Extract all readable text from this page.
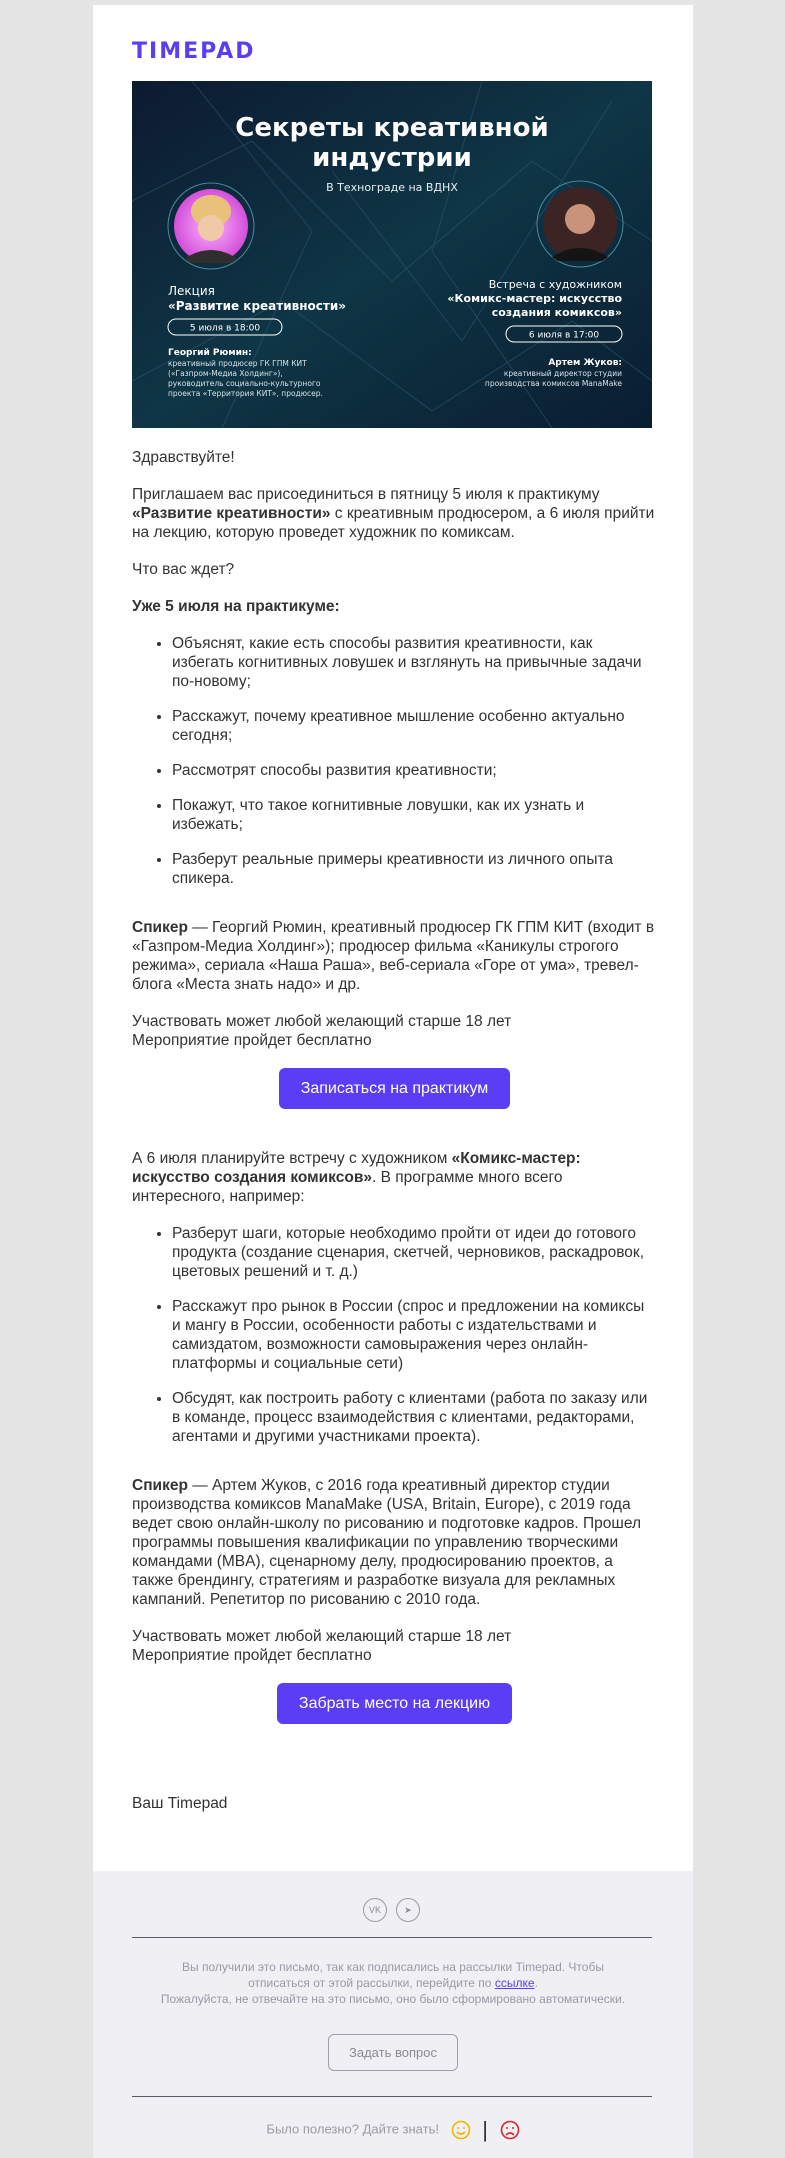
TIMEPAD
Секреты креативной
индустрии
В Технограде на ВДНХ
Лекция
«Развитие креативности»
5 июля в 18:00
Георгий Рюмин:
креативный продюсер ГК ГПМ КИТ
(«Газпром-Медиа Холдинг»),
руководитель социально-культурного
проекта «Территория КИТ», продюсер.
Встреча с художником
«Комикс-мастер: искусство
создания комиксов»
6 июля в 17:00
Артем Жуков:
креативный директор студии
производства комиксов ManaMake

Здравствуйте!

Приглашаем вас присоединиться в пятницу 5 июля к практикуму «Развитие креативности» с креативным продюсером, а 6 июля прийти на лекцию, которую проведет художник по комиксам.

Что вас ждет?

Уже 5 июля на практикуме:

• Объяснят, какие есть способы развития креативности, как избегать когнитивных ловушек и взглянуть на привычные задачи по-новому;
• Расскажут, почему креативное мышление особенно актуально сегодня;
• Рассмотрят способы развития креативности;
• Покажут, что такое когнитивные ловушки, как их узнать и избежать;
• Разберут реальные примеры креативности из личного опыта спикера.

Спикер — Георгий Рюмин, креативный продюсер ГК ГПМ КИТ (входит в «Газпром-Медиа Холдинг»); продюсер фильма «Каникулы строгого режима», сериала «Наша Раша», веб-сериала «Горе от ума», тревел-блога «Места знать надо» и др.

Участвовать может любой желающий старше 18 лет
Мероприятие пройдет бесплатно

Записаться на практикум

А 6 июля планируйте встречу с художником «Комикс-мастер: искусство создания комиксов». В программе много всего интересного, например:

• Разберут шаги, которые необходимо пройти от идеи до готового продукта (создание сценария, скетчей, черновиков, раскадровок, цветовых решений и т. д.)
• Расскажут про рынок в России (спрос и предложении на комиксы и мангу в России, особенности работы с издательствами и самиздатом, возможности самовыражения через онлайн-платформы и социальные сети)
• Обсудят, как построить работу с клиентами (работа по заказу или в команде, процесс взаимодействия с клиентами, редакторами, агентами и другими участниками проекта).

Спикер — Артем Жуков, с 2016 года креативный директор студии производства комиксов ManaMake (USA, Britain, Europe), с 2019 года ведет свою онлайн-школу по рисованию и подготовке кадров. Прошел программы повышения квалификации по управлению творческими командами (MBA), сценарному делу, продюсированию проектов, а также брендингу, стратегиям и разработке визуала для рекламных кампаний. Репетитор по рисованию с 2010 года.

Участвовать может любой желающий старше 18 лет
Мероприятие пройдет бесплатно

Забрать место на лекцию

Ваш Timepad

VK	➤
Вы получили это письмо, так как подписались на рассылки Timepad. Чтобы отписаться от этой рассылки, перейдите по ссылке.
Пожалуйста, не отвечайте на это письмо, оно было сформировано автоматически.
Задать вопрос
Было полезно? Дайте знать! |
